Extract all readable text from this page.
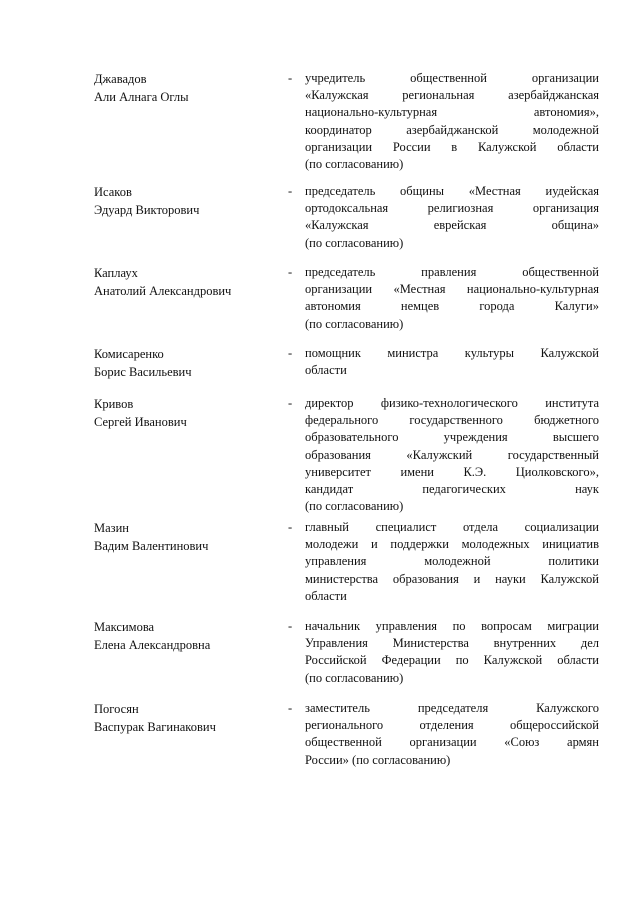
Джавадов
Али Алнага Оглы
- учредитель общественной организации
«Калужская региональная азербайджанская
национально-культурная автономия»,
координатор азербайджанской молодежной
организации России в Калужской области
(по согласованию)
Исаков
Эдуард Викторович
- председатель общины «Местная иудейская
ортодоксальная религиозная организация
«Калужская еврейская община»
(по согласованию)
Каплаух
Анатолий Александрович
- председатель правления общественной
организации «Местная национально-культурная
автономия немцев города Калуги»
(по согласованию)
Комисаренко
Борис Васильевич
- помощник министра культуры Калужской
области
Кривов
Сергей Иванович
- директор физико-технологического института
федерального государственного бюджетного
образовательного учреждения высшего
образования «Калужский государственный
университет имени К.Э. Циолковского»,
кандидат педагогических наук
(по согласованию)
Мазин
Вадим Валентинович
- главный специалист отдела социализации
молодежи и поддержки молодежных инициатив
управления молодежной политики
министерства образования и науки Калужской
области
Максимова
Елена Александровна
- начальник управления по вопросам миграции
Управления Министерства внутренних дел
Российской Федерации по Калужской области
(по согласованию)
Погосян
Васпурак Вагинакович
- заместитель председателя Калужского
регионального отделения общероссийской
общественной организации «Союз армян
России» (по согласованию)
